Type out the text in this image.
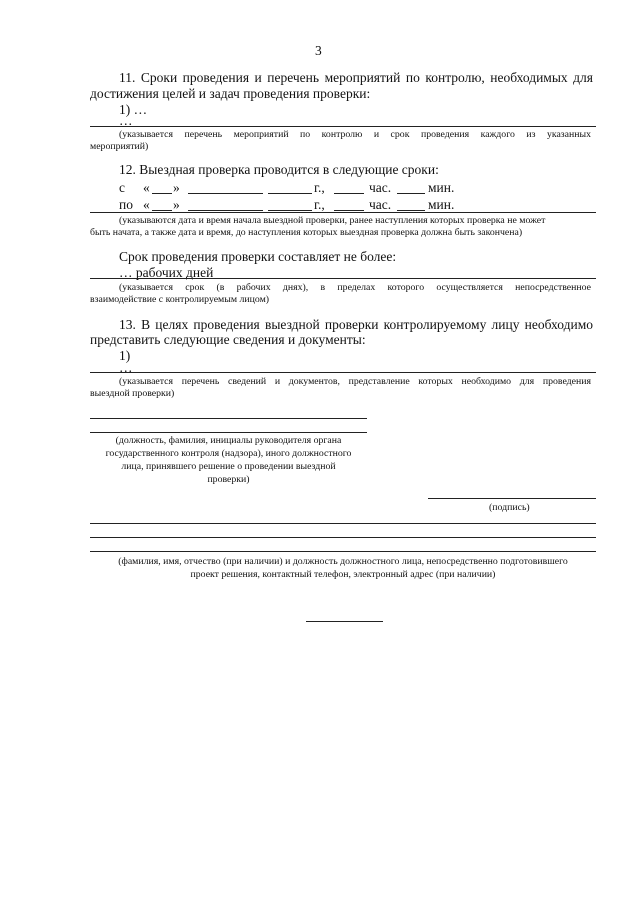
3
11. Сроки проведения и перечень мероприятий по контролю, необходимых для
достижения целей и задач проведения проверки:
1) …
…
(указывается перечень мероприятий по контролю и срок проведения каждого из указанных
мероприятий)
12. Выездная проверка проводится в следующие сроки:
с « »	г.,	час.	мин.
по « »	г.,	час.	мин.
(указываются дата и время начала выездной проверки, ранее наступления которых проверка не может
быть начата, а также дата и время, до наступления которых выездная проверка должна быть закончена)
Срок проведения проверки составляет не более:
… рабочих дней
(указывается срок (в рабочих днях), в пределах которого осуществляется непосредственное
взаимодействие с контролируемым лицом)
13. В целях проведения выездной проверки контролируемому лицу необходимо
представить следующие сведения и документы:
1)
…
(указывается перечень сведений и документов, представление которых необходимо для проведения
выездной проверки)
(должность, фамилия, инициалы руководителя органа
государственного контроля (надзора), иного должностного
лица, принявшего решение о проведении выездной
проверки)
(подпись)
(фамилия, имя, отчество (при наличии) и должность должностного лица, непосредственно подготовившего
проект решения, контактный телефон, электронный адрес (при наличии)
